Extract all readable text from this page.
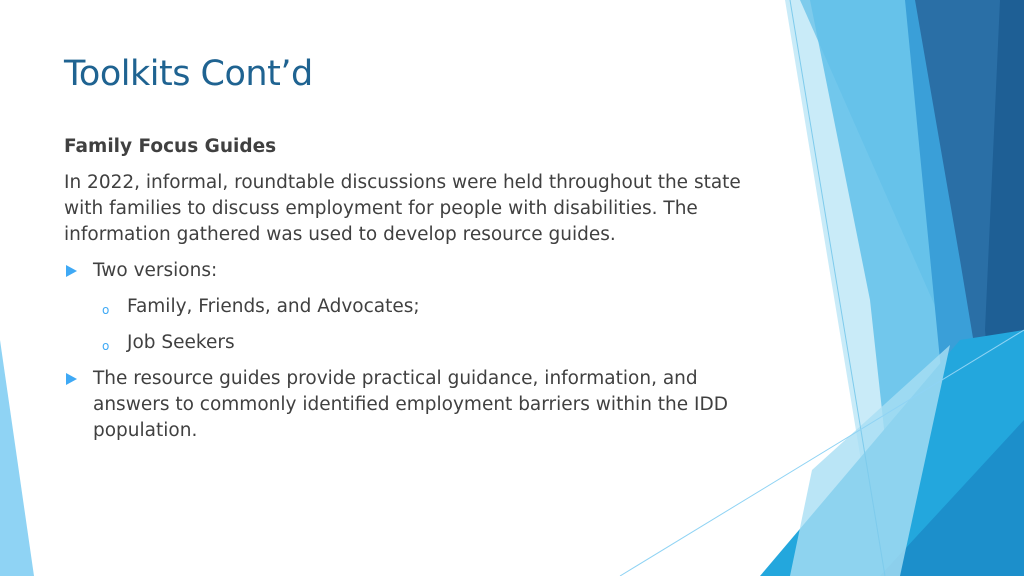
Toolkits Cont’d

Family Focus Guides

In 2022, informal, roundtable discussions were held throughout the state with families to discuss employment for people with disabilities. The information gathered was used to develop resource guides.

Two versions:
o Family, Friends, and Advocates;
o Job Seekers
The resource guides provide practical guidance, information, and answers to commonly identified employment barriers within the IDD population.
